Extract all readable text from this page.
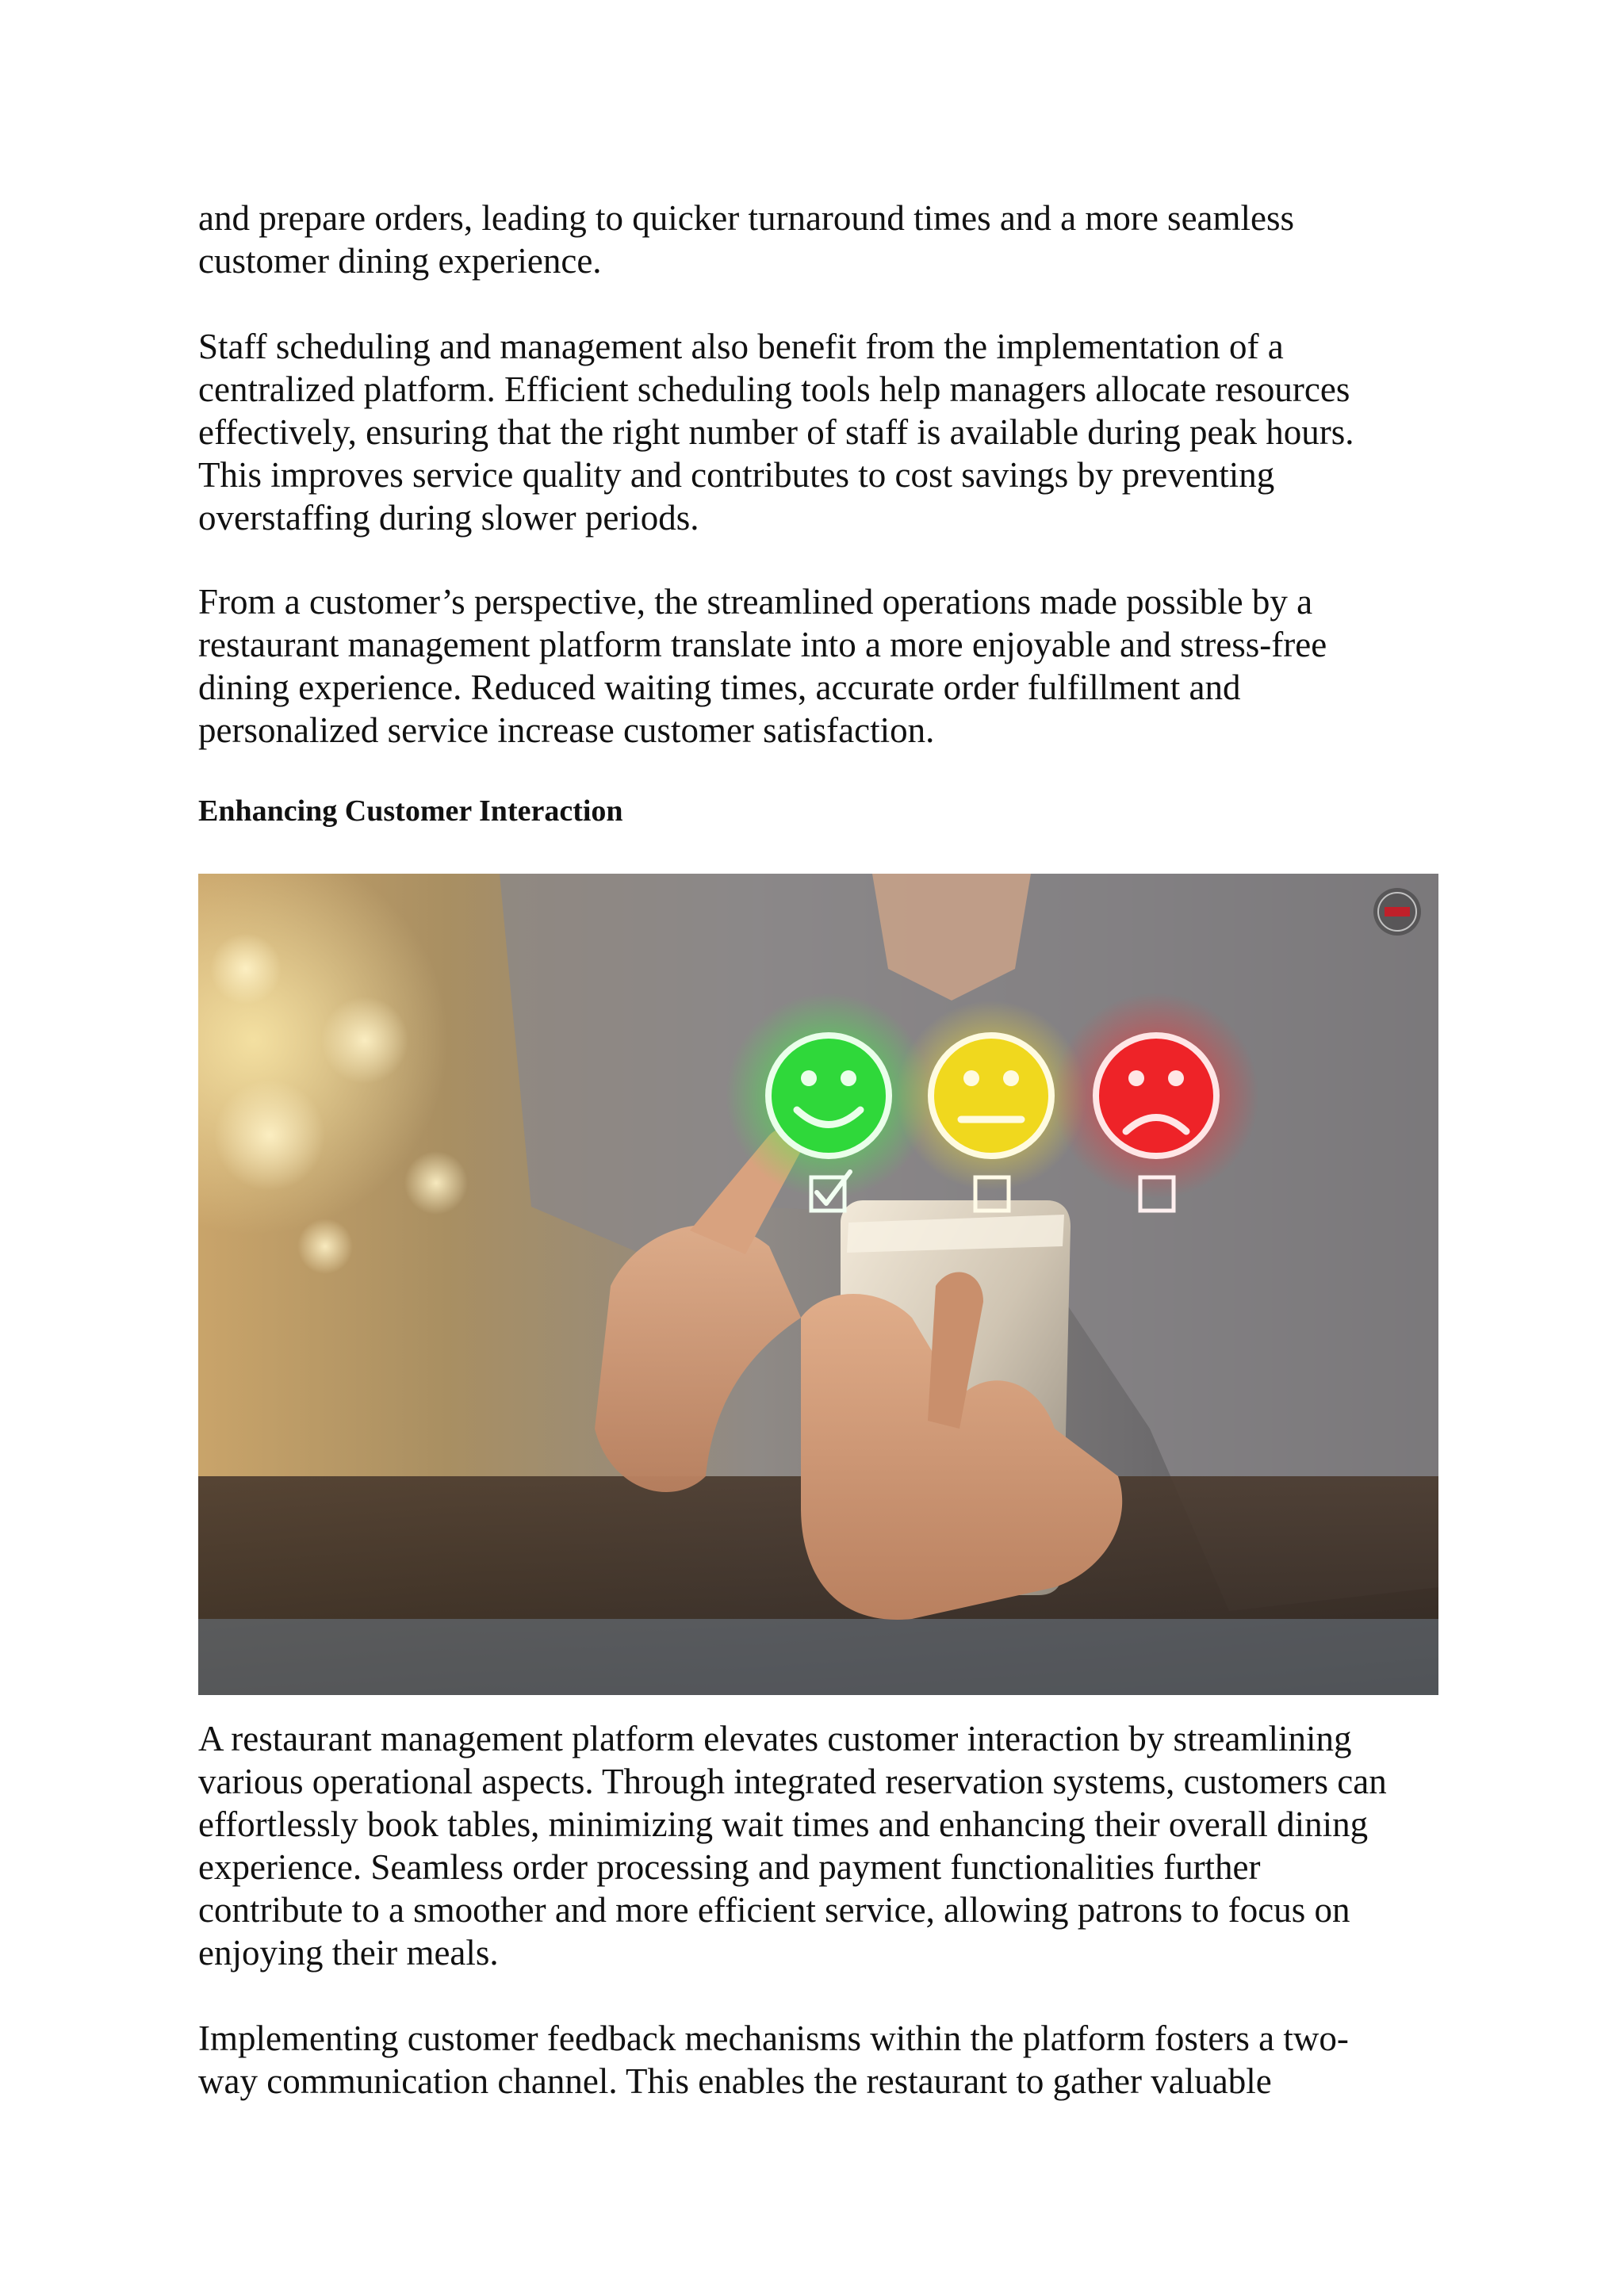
and prepare orders, leading to quicker turnaround times and a more seamless
customer dining experience.

Staff scheduling and management also benefit from the implementation of a
centralized platform. Efficient scheduling tools help managers allocate resources
effectively, ensuring that the right number of staff is available during peak hours.
This improves service quality and contributes to cost savings by preventing
overstaffing during slower periods.

From a customer’s perspective, the streamlined operations made possible by a
restaurant management platform translate into a more enjoyable and stress-free
dining experience. Reduced waiting times, accurate order fulfillment and
personalized service increase customer satisfaction.

Enhancing Customer Interaction

A restaurant management platform elevates customer interaction by streamlining
various operational aspects. Through integrated reservation systems, customers can
effortlessly book tables, minimizing wait times and enhancing their overall dining
experience. Seamless order processing and payment functionalities further
contribute to a smoother and more efficient service, allowing patrons to focus on
enjoying their meals.

Implementing customer feedback mechanisms within the platform fosters a two-
way communication channel. This enables the restaurant to gather valuable
